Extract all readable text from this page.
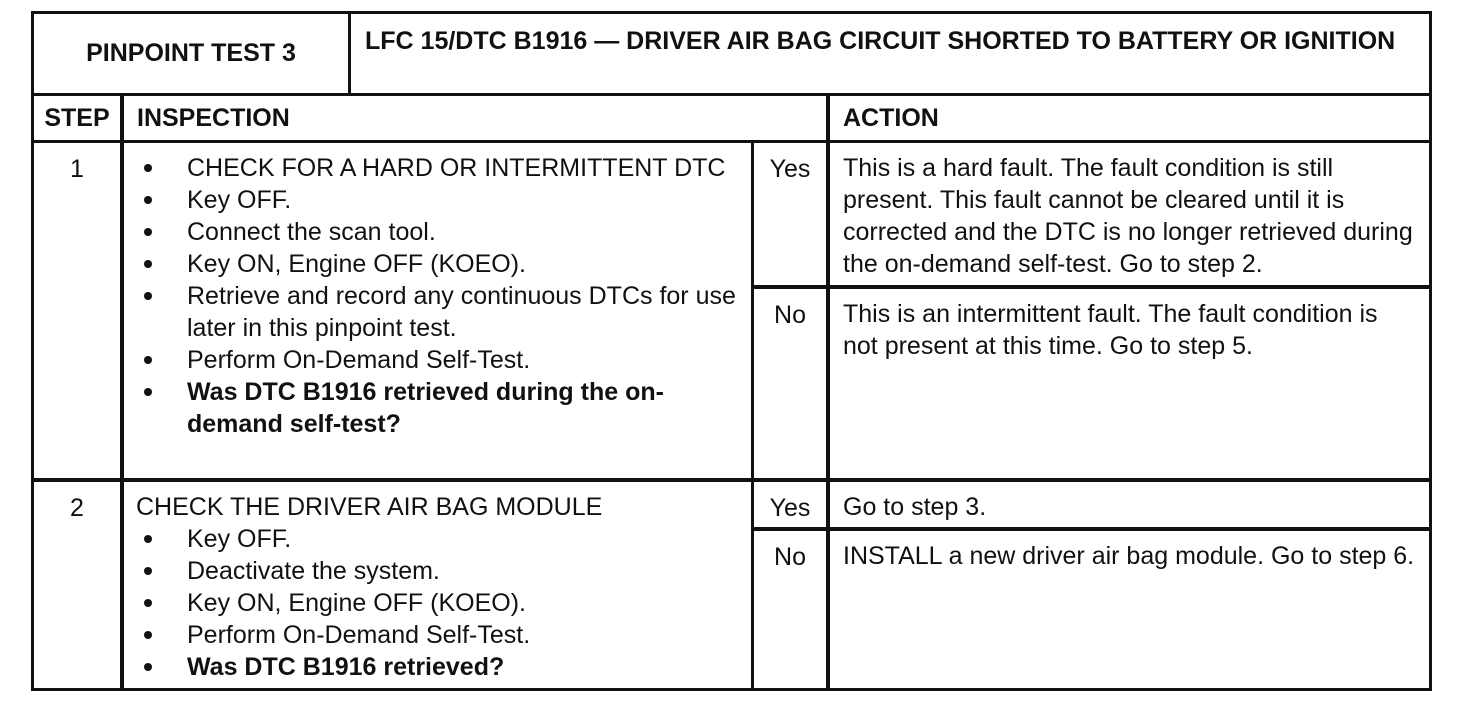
PINPOINT TEST 3	LFC 15/DTC B1916 — DRIVER AIR BAG CIRCUIT SHORTED TO BATTERY OR IGNITION
STEP INSPECTION	ACTION
1	CHECK FOR A HARD OR INTERMITTENT DTC
Key OFF.
Connect the scan tool.
Key ON, Engine OFF (KOEO).
Retrieve and record any continuous DTCs for use later in this pinpoint test.
Perform On-Demand Self-Test.
Was DTC B1916 retrieved during the on-demand self-test?
Yes	This is a hard fault. The fault condition is still present. This fault cannot be cleared until it is corrected and the DTC is no longer retrieved during the on-demand self-test. Go to step 2.
No	This is an intermittent fault. The fault condition is not present at this time. Go to step 5.
2	CHECK THE DRIVER AIR BAG MODULE
Key OFF.
Deactivate the system.
Key ON, Engine OFF (KOEO).
Perform On-Demand Self-Test.
Was DTC B1916 retrieved?
Yes	Go to step 3.
No	INSTALL a new driver air bag module. Go to step 6.
